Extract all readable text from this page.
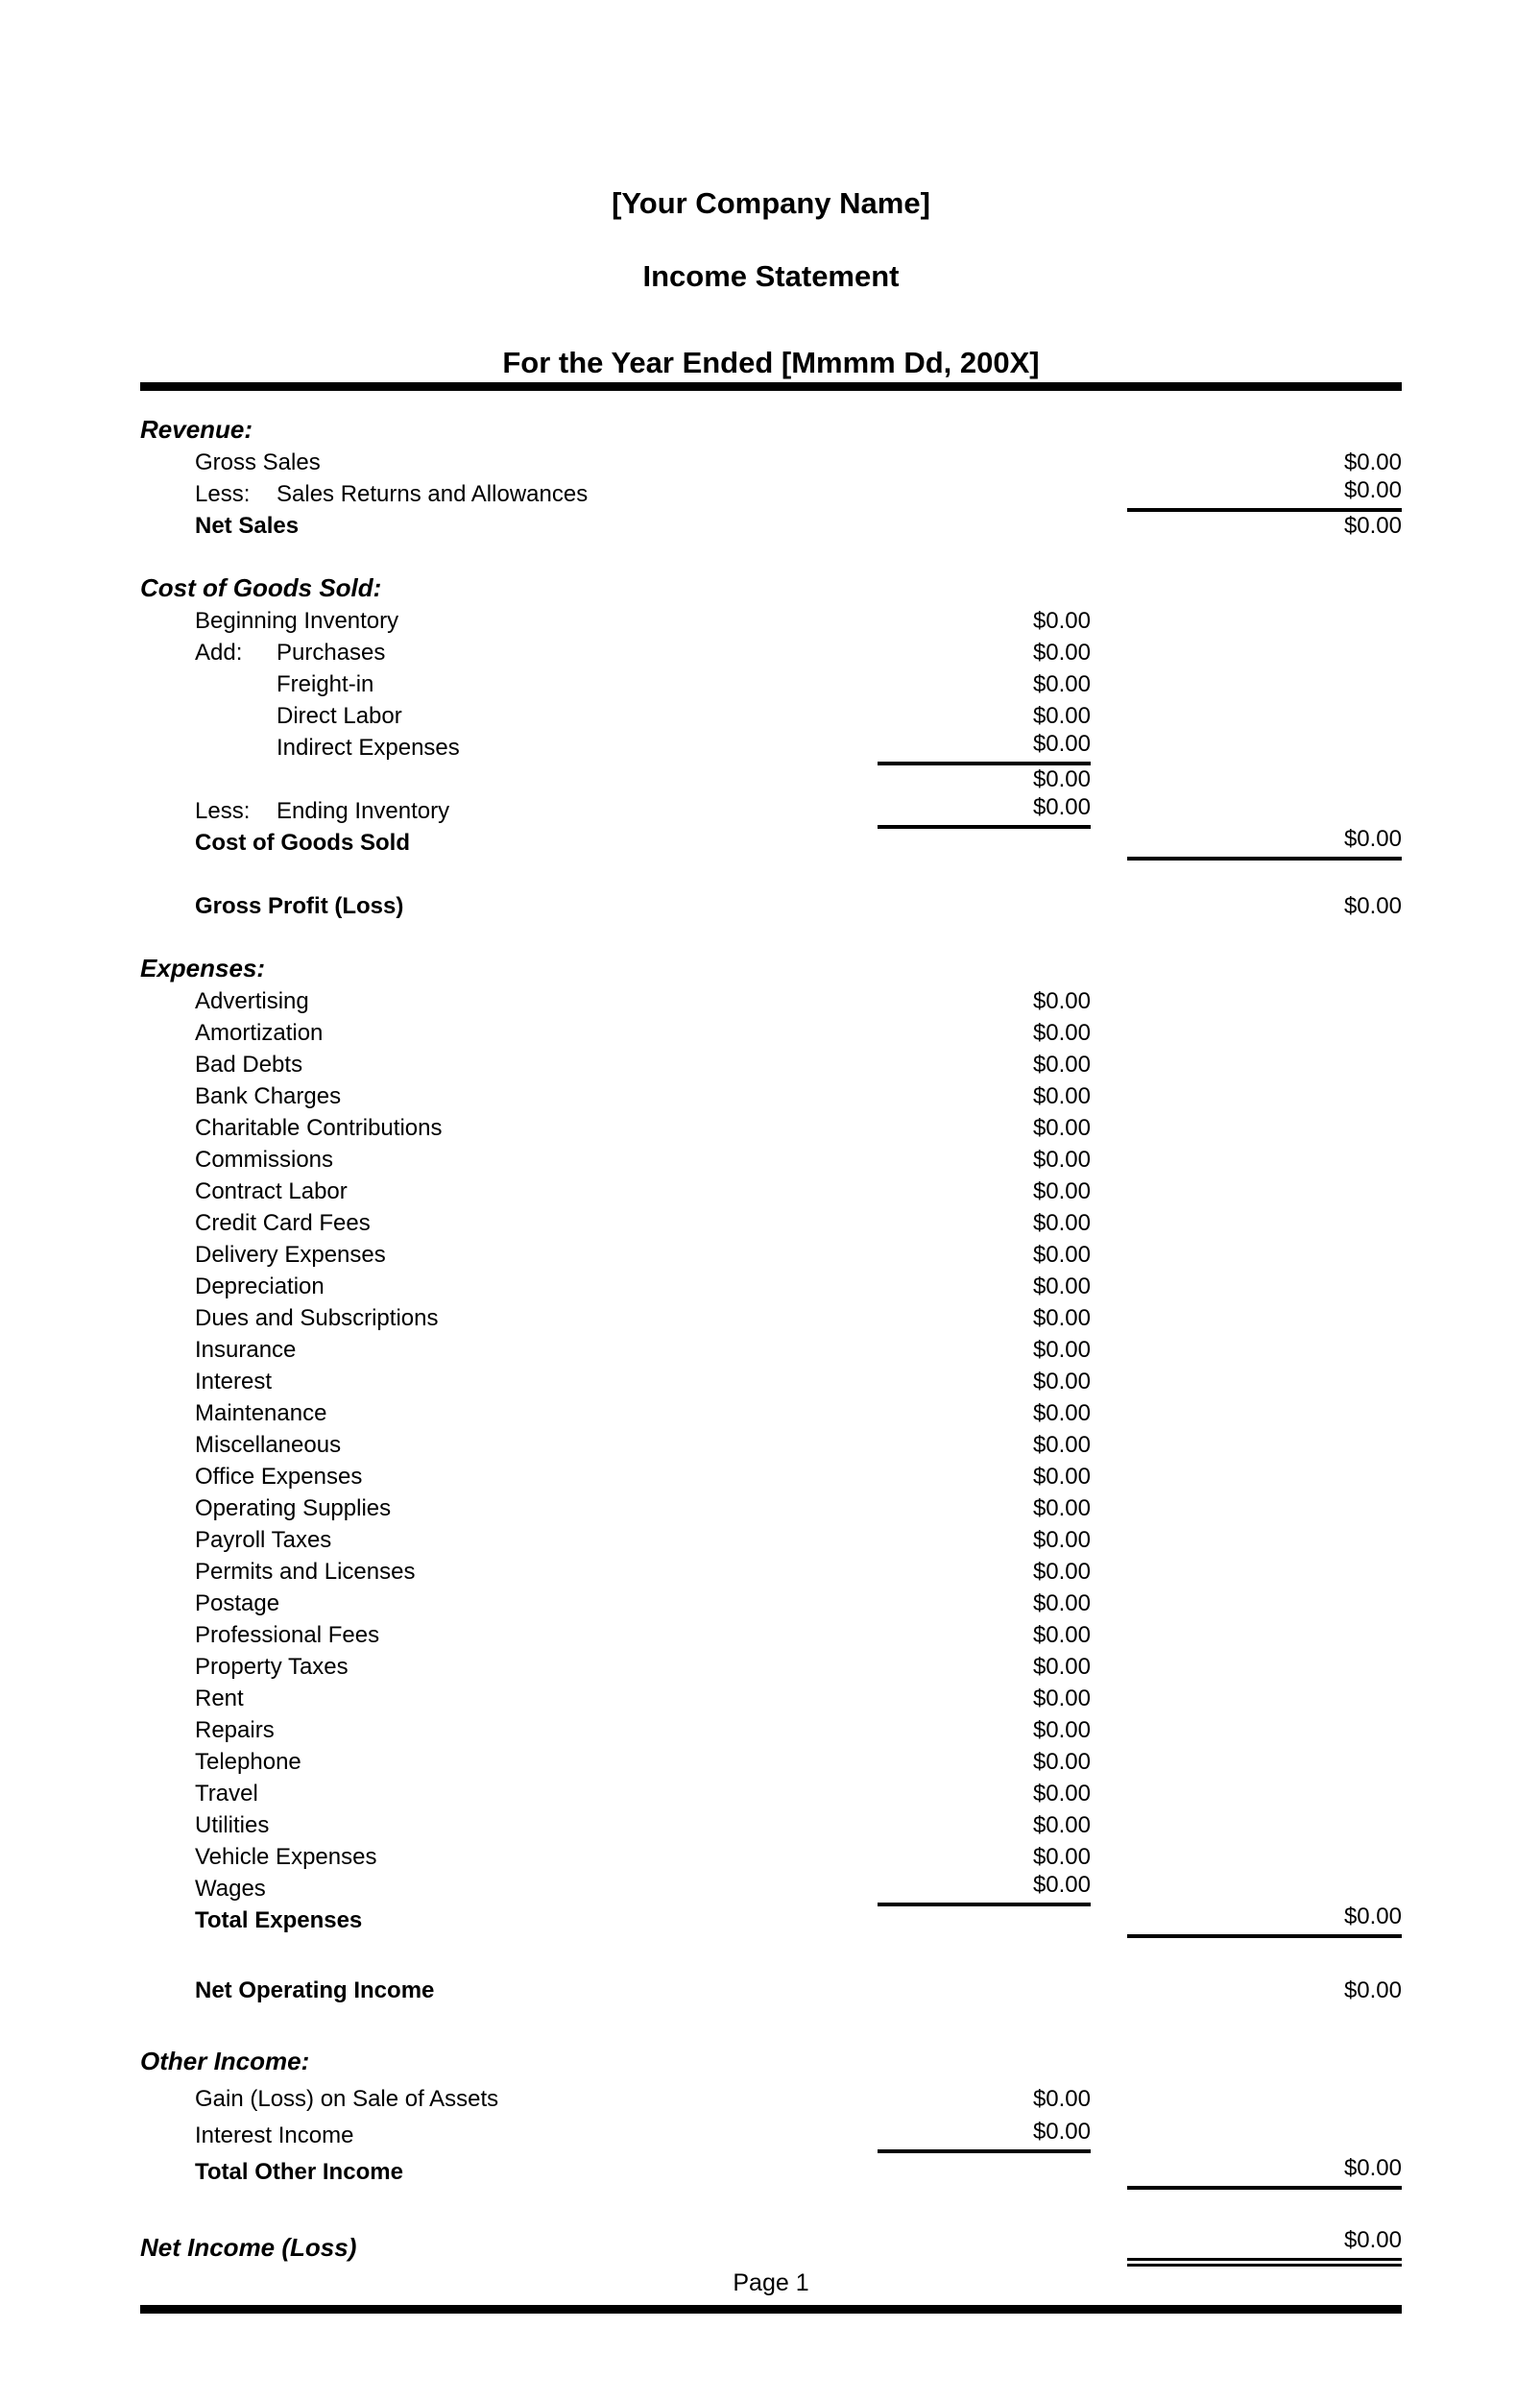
[Your Company Name]
Income Statement
For the Year Ended [Mmmm Dd, 200X]
Revenue:
Gross Sales	$0.00
Less: Sales Returns and Allowances	$0.00
Net Sales	$0.00
Cost of Goods Sold:
Beginning Inventory	$0.00
Add: Purchases	$0.00
Freight-in	$0.00
Direct Labor	$0.00
Indirect Expenses	$0.00
$0.00
Less: Ending Inventory	$0.00
Cost of Goods Sold	$0.00
Gross Profit (Loss)	$0.00
Expenses:
Advertising	$0.00
Amortization	$0.00
Bad Debts	$0.00
Bank Charges	$0.00
Charitable Contributions	$0.00
Commissions	$0.00
Contract Labor	$0.00
Credit Card Fees	$0.00
Delivery Expenses	$0.00
Depreciation	$0.00
Dues and Subscriptions	$0.00
Insurance	$0.00
Interest	$0.00
Maintenance	$0.00
Miscellaneous	$0.00
Office Expenses	$0.00
Operating Supplies	$0.00
Payroll Taxes	$0.00
Permits and Licenses	$0.00
Postage	$0.00
Professional Fees	$0.00
Property Taxes	$0.00
Rent	$0.00
Repairs	$0.00
Telephone	$0.00
Travel	$0.00
Utilities	$0.00
Vehicle Expenses	$0.00
Wages	$0.00
Total Expenses	$0.00
Net Operating Income	$0.00
Other Income:
Gain (Loss) on Sale of Assets	$0.00
Interest Income	$0.00
Total Other Income	$0.00
Net Income (Loss)	$0.00
Page 1
